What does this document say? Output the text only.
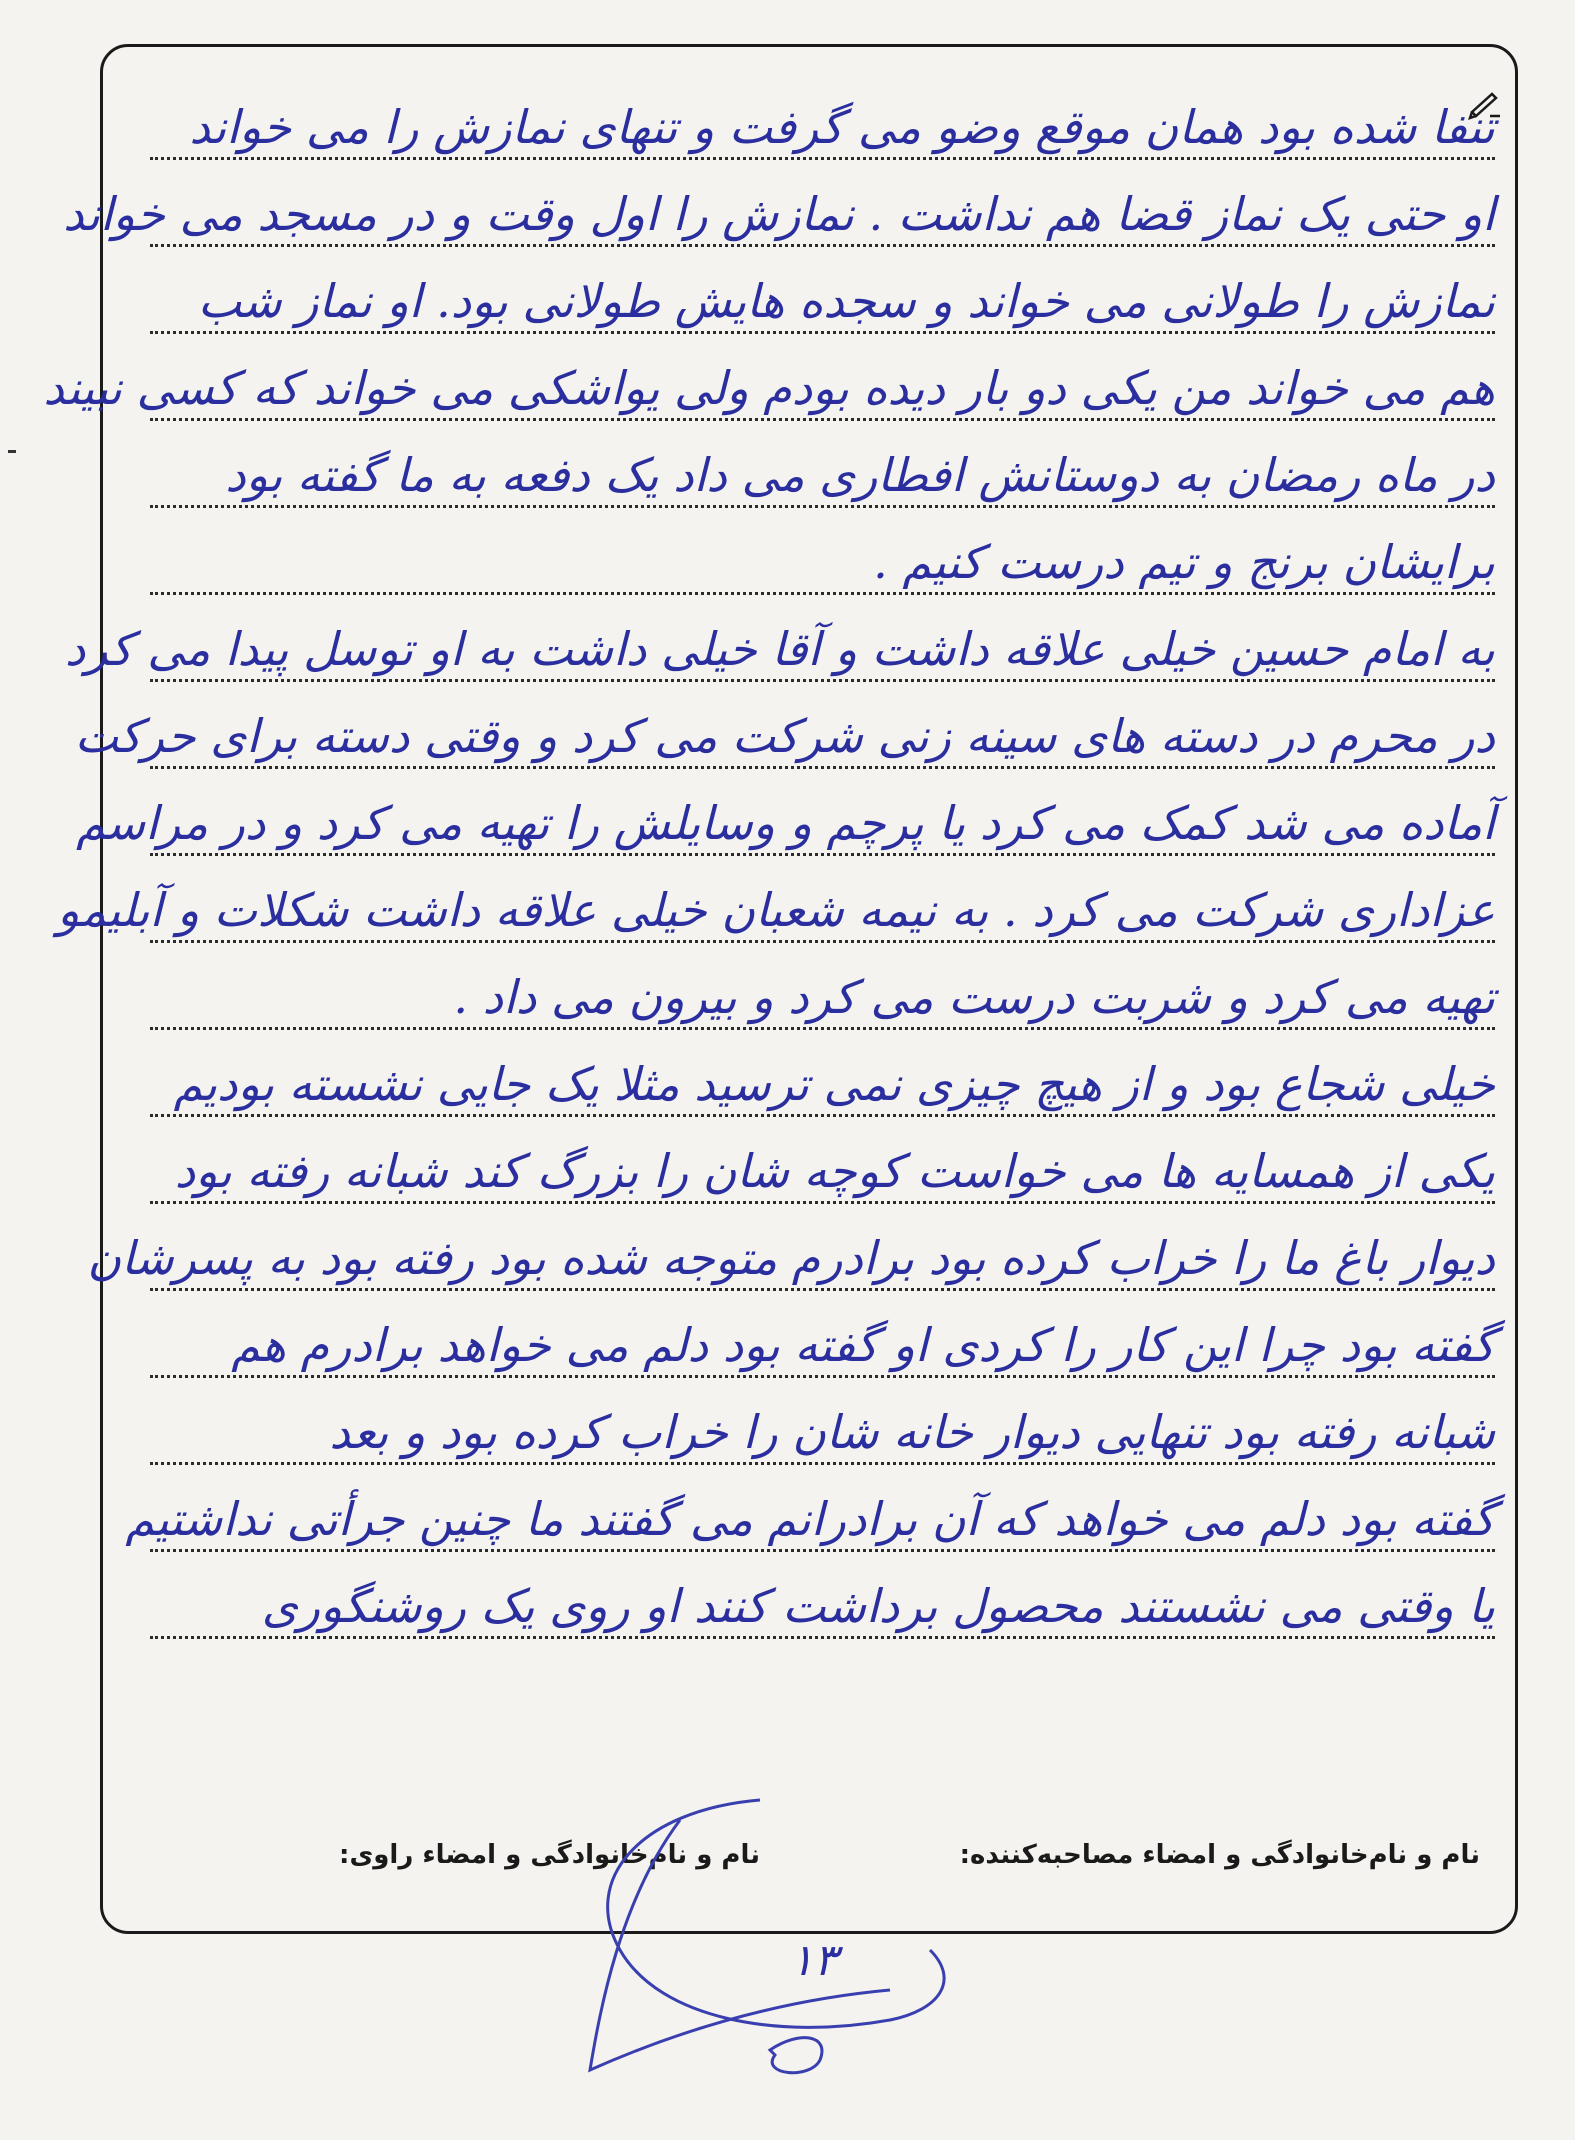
تنفا شده بود همان موقع وضو می گرفت و تنهای نمازش را می خواند
او حتی یک نماز قضا هم نداشت . نمازش را اول وقت و در مسجد می خواند
نمازش را طولانی می خواند و سجده هایش طولانی بود. او نماز شب
هم می خواند من یکی دو بار دیده بودم ولی یواشکی می خواند که کسی نبیند
در ماه رمضان به دوستانش افطاری می داد یک دفعه به ما گفته بود
برایشان برنج و تیم درست کنیم .
به امام حسین خیلی علاقه داشت و آقا خیلی داشت به او توسل پیدا می کرد
در محرم در دسته های سینه زنی شرکت می کرد و وقتی دسته برای حرکت
آماده می شد کمک می کرد یا پرچم و وسایلش را تهیه می کرد و در مراسم
عزاداری شرکت می کرد . به نیمه شعبان خیلی علاقه داشت شکلات و آبلیمو
تهیه می کرد و شربت درست می کرد و بیرون می داد .
خیلی شجاع بود و از هیچ چیزی نمی ترسید مثلا یک جایی نشسته بودیم
یکی از همسایه ها می خواست کوچه شان را بزرگ کند شبانه رفته بود
دیوار باغ ما را خراب کرده بود برادرم متوجه شده بود رفته بود به پسرشان
گفته بود چرا این کار را کردی او گفته بود دلم می خواهد برادرم هم
شبانه رفته بود تنهایی دیوار خانه شان را خراب کرده بود و بعد
گفته بود دلم می خواهد که آن برادرانم می گفتند ما چنین جرأتی نداشتیم
یا وقتی می نشستند محصول برداشت کنند او روی یک روشنگوری
نام و نام‌خانوادگی و امضاء مصاحبه‌کننده:
نام و نام‌خانوادگی و امضاء راوی:
۱۳
